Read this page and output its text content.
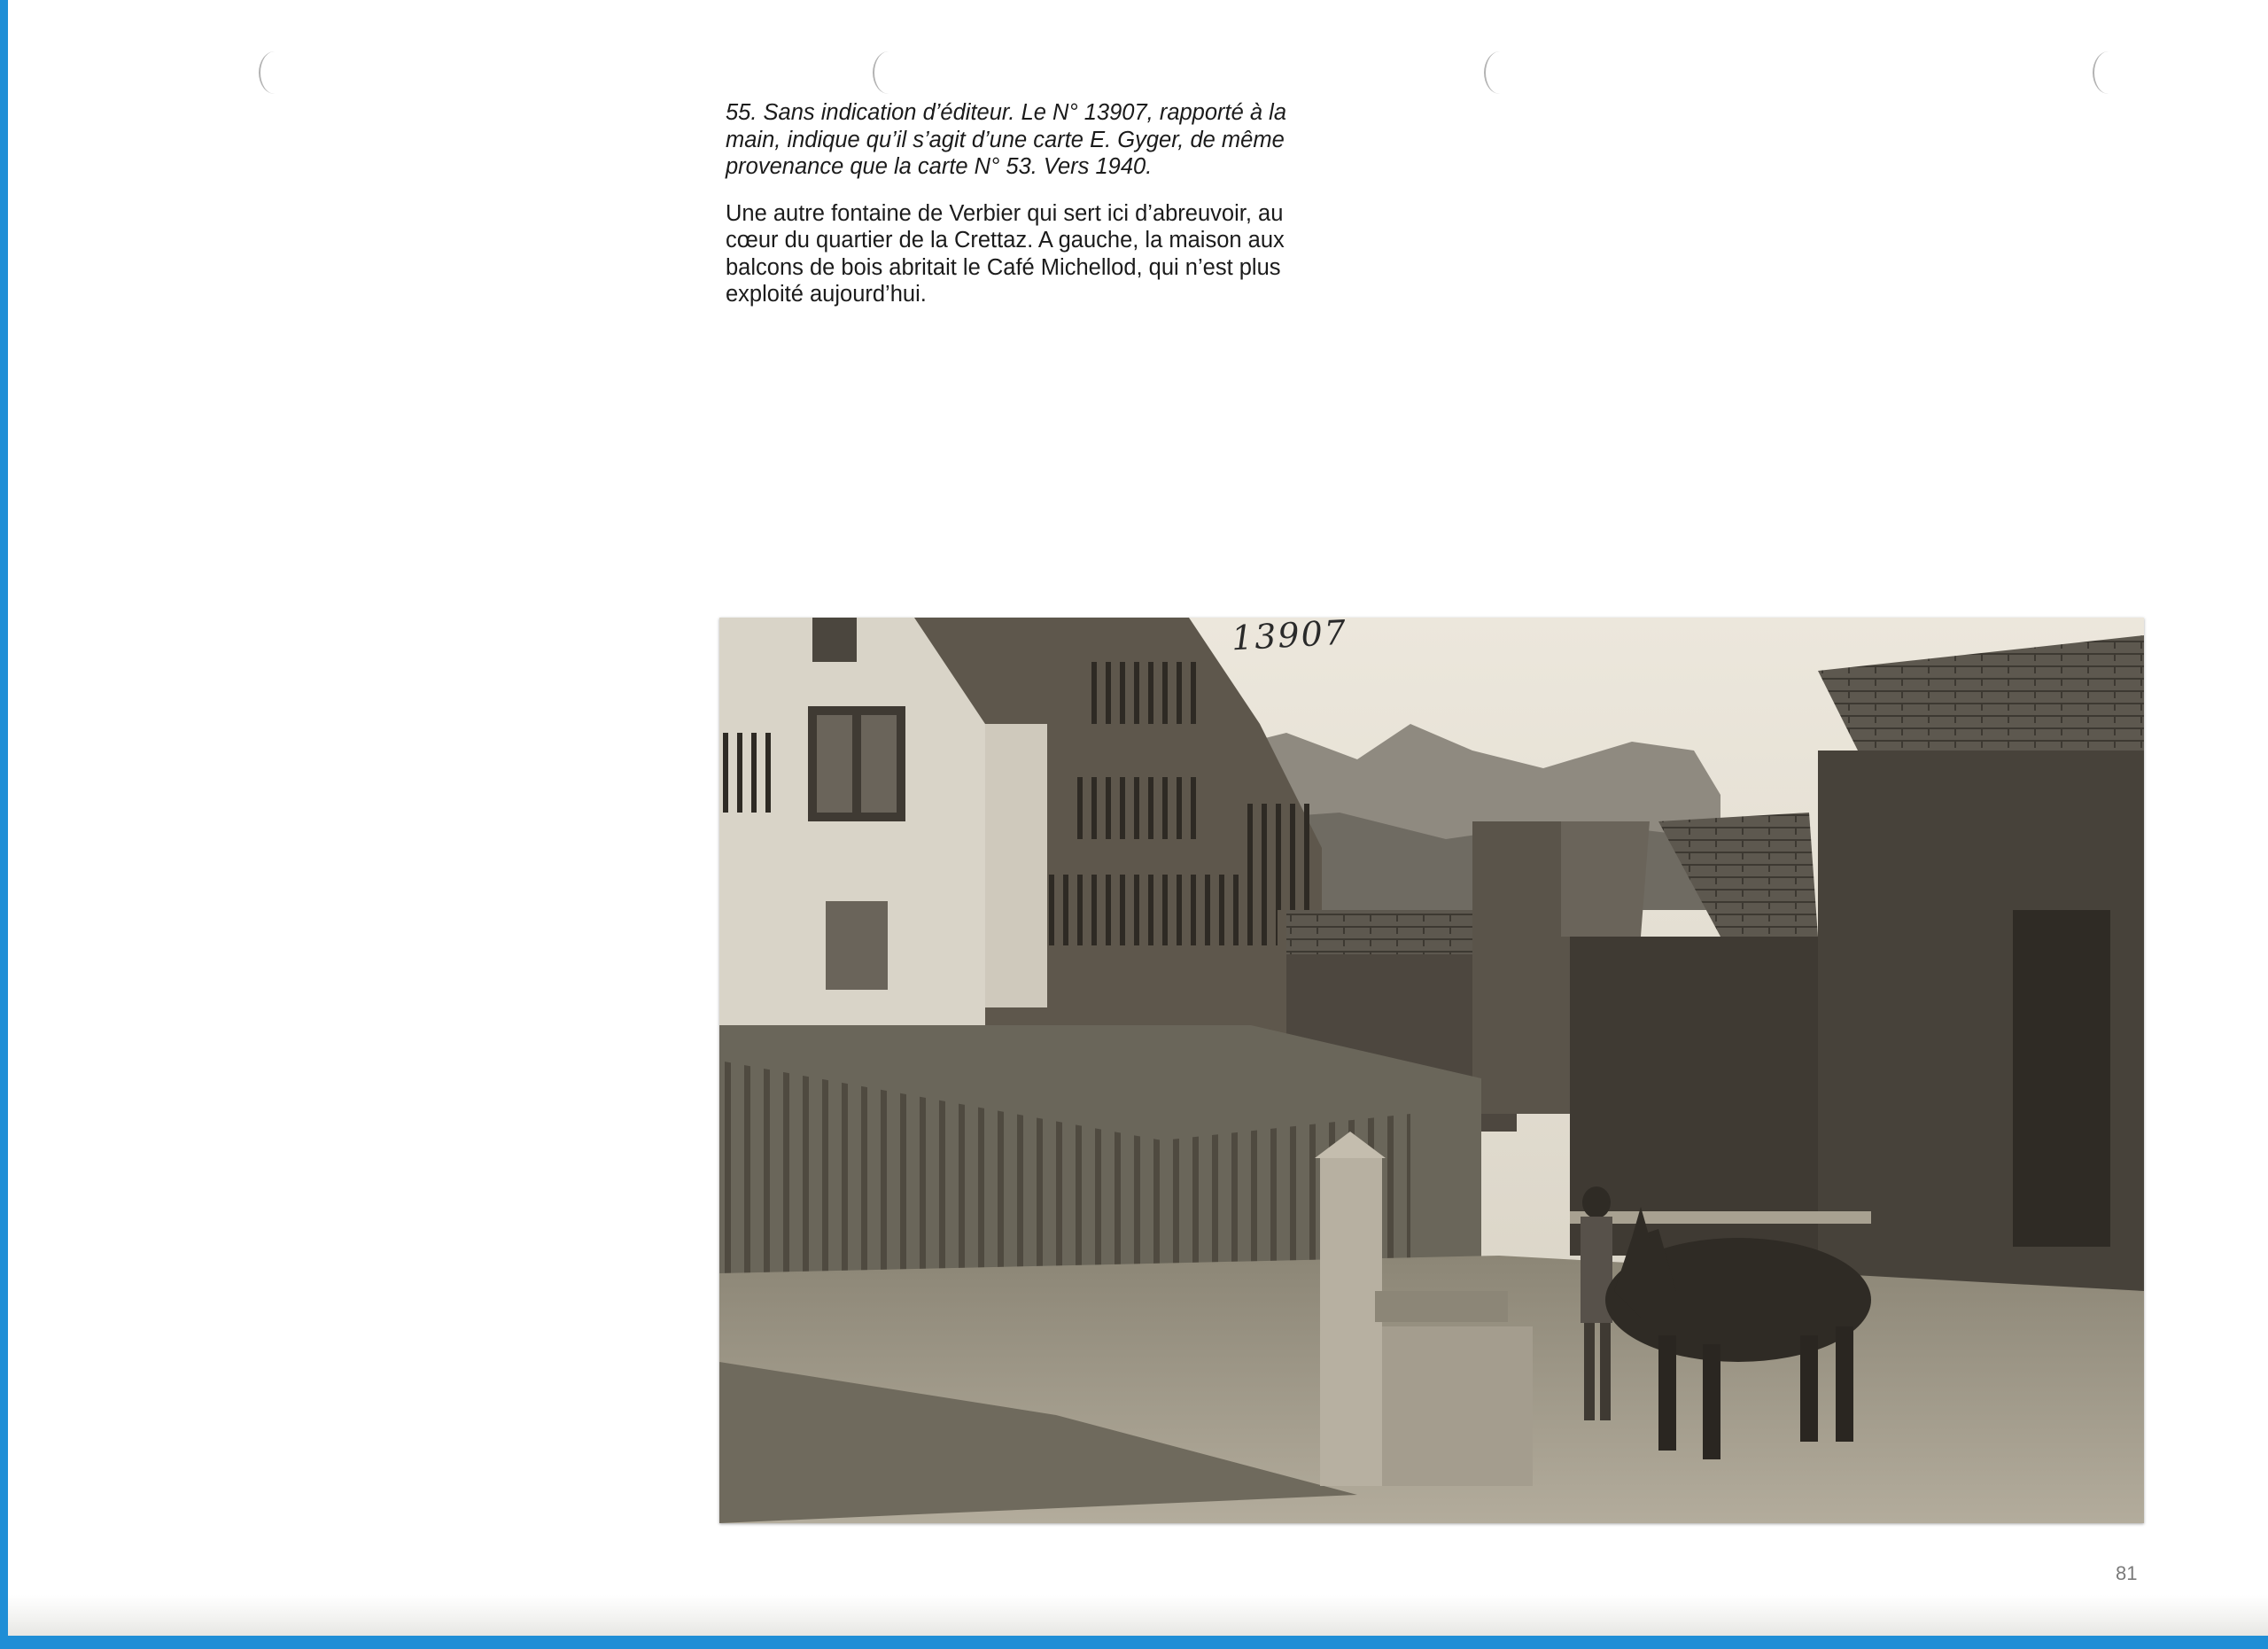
55. Sans indication d’éditeur. Le N° 13907, rapporté à la
main, indique qu’il s’agit d’une carte E. Gyger, de même
provenance que la carte N° 53. Vers 1940.

Une autre fontaine de Verbier qui sert ici d’abreuvoir, au
cœur du quartier de la Crettaz. A gauche, la maison aux
balcons de bois abritait le Café Michellod, qui n’est plus
exploité aujourd’hui.

13907
81
